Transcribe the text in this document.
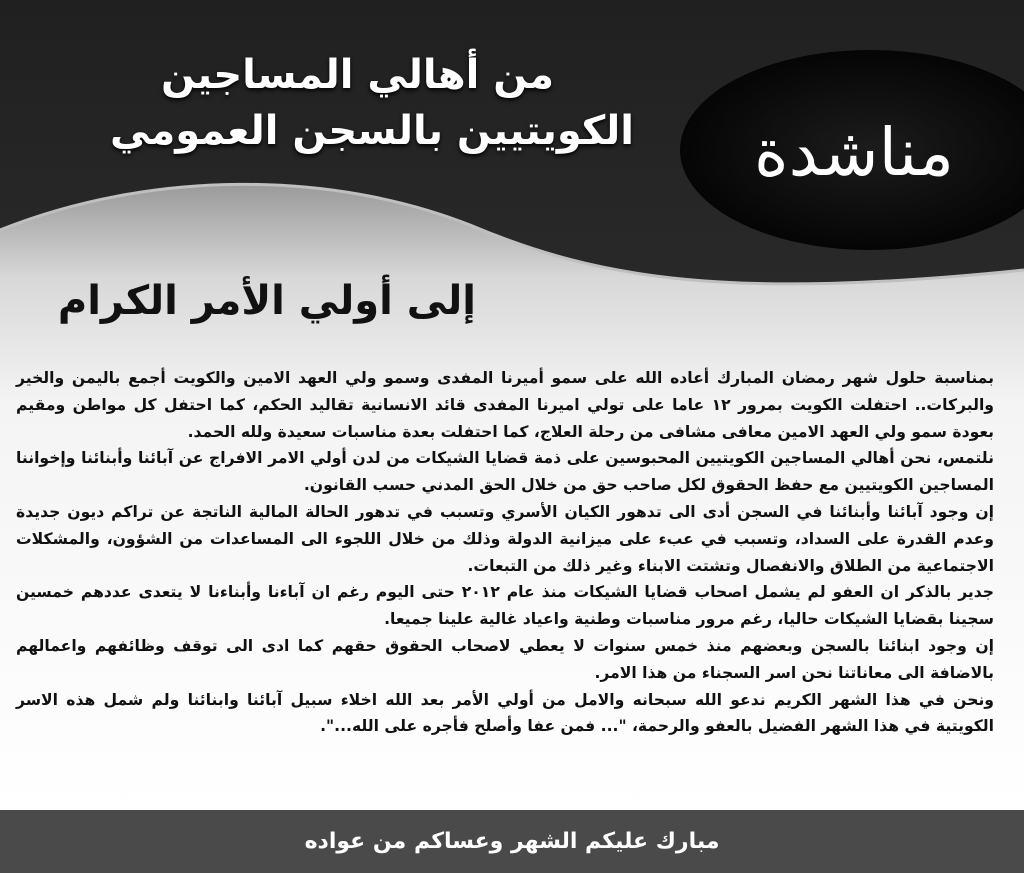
من أهالي المساجين
الكويتيين بالسجن العمومي	مناشدة
إلى أولي الأمر الكرام

بمناسبة حلول شهر رمضان المبارك أعاده الله على سمو أميرنا المفدى وسمو ولي العهد الامين والكويت أجمع باليمن والخير والبركات.. احتفلت الكويت بمرور ١٢ عاما على تولي اميرنا المفدى قائد الانسانية تقاليد الحكم، كما احتفل كل مواطن ومقيم بعودة سمو ولي العهد الامين معافى مشافى من رحلة العلاج، كما احتفلت بعدة مناسبات سعيدة ولله الحمد.

نلتمس، نحن أهالي المساجين الكويتيين المحبوسين على ذمة قضايا الشيكات من لدن أولي الامر الافراج عن آبائنا وأبنائنا وإخواننا المساجين الكويتيين مع حفظ الحقوق لكل صاحب حق من خلال الحق المدني حسب القانون.

إن وجود آبائنا وأبنائنا في السجن أدى الى تدهور الكيان الأسري وتسبب في تدهور الحالة المالية الناتجة عن تراكم ديون جديدة وعدم القدرة على السداد، وتسبب في عبء على ميزانية الدولة وذلك من خلال اللجوء الى المساعدات من الشؤون، والمشكلات الاجتماعية من الطلاق والانفصال وتشتت الابناء وغير ذلك من التبعات.

جدير بالذكر ان العفو لم يشمل اصحاب قضايا الشيكات منذ عام ٢٠١٢ حتى اليوم رغم ان آباءنا وأبناءنا لا يتعدى عددهم خمسين سجينا بقضايا الشيكات حاليا، رغم مرور مناسبات وطنية واعياد غالية علينا جميعا.

إن وجود ابنائنا بالسجن وبعضهم منذ خمس سنوات لا يعطي لاصحاب الحقوق حقهم كما ادى الى توقف وظائفهم واعمالهم بالاضافة الى معاناتنا نحن اسر السجناء من هذا الامر.

ونحن في هذا الشهر الكريم ندعو الله سبحانه والامل من أولي الأمر بعد الله اخلاء سبيل آبائنا وابنائنا ولم شمل هذه الاسر الكويتية في هذا الشهر الفضيل بالعفو والرحمة، "... فمن عفا وأصلح فأجره على الله...".

مبارك عليكم الشهر وعساكم من عواده
